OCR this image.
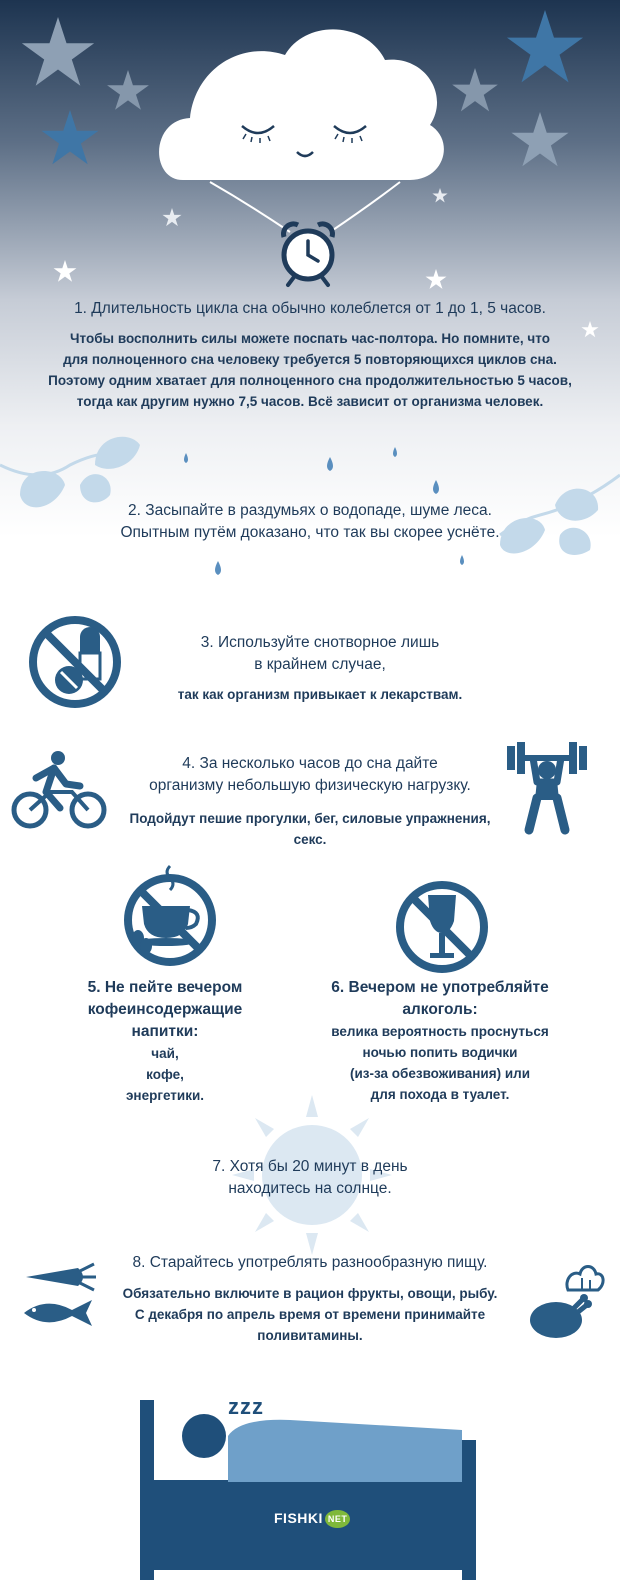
1. Длительность цикла сна обычно колеблется от 1 до 1, 5 часов.
Чтобы восполнить силы можете поспать час-полтора. Но помните, что
для полноценного сна человеку требуется 5 повторяющихся циклов сна.
Поэтому одним хватает для полноценного сна продолжительностью 5 часов,
тогда как другим нужно 7,5 часов. Всё зависит от организма человек.
2. Засыпайте в раздумьях о водопаде, шуме леса.
Опытным путём доказано, что так вы скорее уснёте.
3. Используйте снотворное лишь
в крайнем случае,
так как организм привыкает к лекарствам.
4. За несколько часов до сна дайте
организму небольшую физическую нагрузку.
Подойдут пешие прогулки, бег, силовые упражнения,
секс.
5. Не пейте вечером
кофеинсодержащие
напитки:
чай,
кофе,
энергетики.
6. Вечером не употребляйте
алкоголь:
велика вероятность проснуться
ночью попить водички
(из-за обезвоживания) или
для похода в туалет.
7. Хотя бы 20 минут в день
находитесь на солнце.
8. Старайтесь употреблять разнообразную пищу.
Обязательно включите в рацион фрукты, овощи, рыбу.
С декабря по апрель время от времени принимайте
поливитамины.
zzz
FISHKI NET
